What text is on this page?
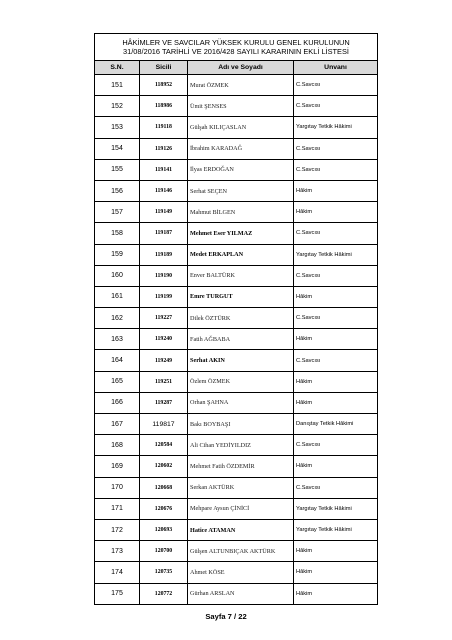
HÂKİMLER VE SAVCILAR YÜKSEK KURULU GENEL KURULUNUN
31/08/2016 TARİHLİ VE 2016/428 SAYILI KARARININ EKLİ LİSTESİ			

S.N.	Sicili	Adı ve Soyadı	Unvanı
151	118952	Murat ÖZMEK	C.Savcısı
152	118986	Ümit ŞENSES	C.Savcısı
153	119118	Gülşah KILIÇASLAN	Yargıtay Tetkik Hâkimi
154	119126	İbrahim KARADAĞ	C.Savcısı
155	119141	İlyas ERDOĞAN	C.Savcısı
156	119146	Serhat SEÇEN	Hâkim
157	119149	Mahmut BİLGEN	Hâkim
158	119187	Mehmet Eser YILMAZ	C.Savcısı
159	119189	Medet ERKAPLAN	Yargıtay Tetkik Hâkimi
160	119190	Enver BALTÜRK	C.Savcısı
161	119199	Emre TURGUT	Hâkim
162	119227	Dilek ÖZTÜRK	C.Savcısı
163	119240	Fatih AĞBABA	Hâkim
164	119249	Serhat AKIN	C.Savcısı
165	119251	Özlem ÖZMEK	Hâkim
166	119287	Orhan ŞAHNA	Hâkim
167	119817	Bakı BOYBAŞI	Danıştay Tetkik Hâkimi
168	120584	Ali Cihan YEDİYILDIZ	C.Savcısı
169	120602	Mehmet Fatih ÖZDEMİR	Hâkim
170	120668	Serkan AKTÜRK	C.Savcısı
171	120676	Mehpare Aysun ÇİNİCİ	Yargıtay Tetkik Hâkimi
172	120693	Hatice ATAMAN	Yargıtay Tetkik Hâkimi
173	120700	Gülşen ALTUNBIÇAK AKTÜRK	Hâkim
174	120735	Ahmet KÖSE	Hâkim
175	120772	Gürhan ARSLAN	Hâkim
Sayfa 7 / 22
